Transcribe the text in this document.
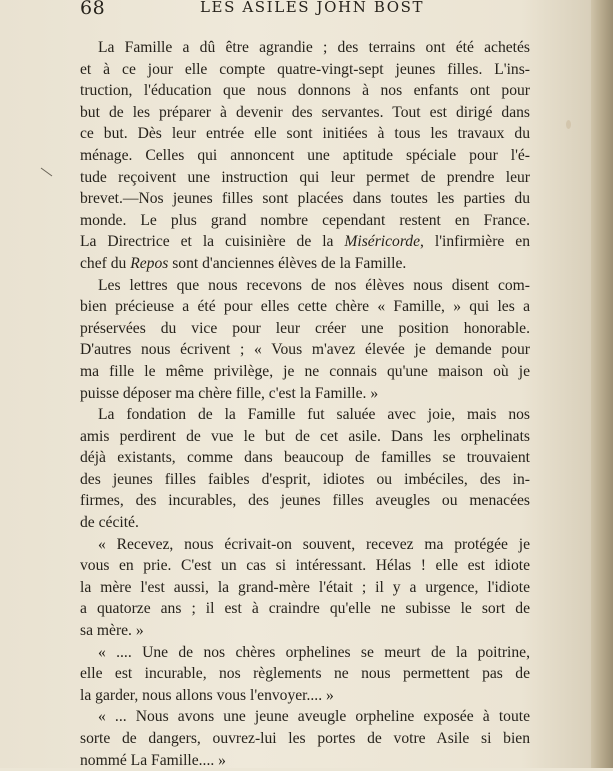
68	LES ASILES JOHN BOST

La Famille a dû être agrandie ; des terrains ont été achetés
et à ce jour elle compte quatre-vingt-sept jeunes filles. L'ins-
truction, l'éducation que nous donnons à nos enfants ont pour
but de les préparer à devenir des servantes. Tout est dirigé dans
ce but. Dès leur entrée elle sont initiées à tous les travaux du
ménage. Celles qui annoncent une aptitude spéciale pour l'é-
tude reçoivent une instruction qui leur permet de prendre leur
brevet.—Nos jeunes filles sont placées dans toutes les parties du
monde. Le plus grand nombre cependant restent en France.
La Directrice et la cuisinière de la Miséricorde, l'infirmière en
chef du Repos sont d'anciennes élèves de la Famille.

Les lettres que nous recevons de nos élèves nous disent com-
bien précieuse a été pour elles cette chère « Famille, » qui les a
préservées du vice pour leur créer une position honorable.
D'autres nous écrivent ; « Vous m'avez élevée je demande pour
ma fille le même privilège, je ne connais qu'une maison où je
puisse déposer ma chère fille, c'est la Famille. »

La fondation de la Famille fut saluée avec joie, mais nos
amis perdirent de vue le but de cet asile. Dans les orphelinats
déjà existants, comme dans beaucoup de familles se trouvaient
des jeunes filles faibles d'esprit, idiotes ou imbéciles, des in-
firmes, des incurables, des jeunes filles aveugles ou menacées
de cécité.

« Recevez, nous écrivait-on souvent, recevez ma protégée je
vous en prie. C'est un cas si intéressant. Hélas ! elle est idiote
la mère l'est aussi, la grand-mère l'était ; il y a urgence, l'idiote
a quatorze ans ; il est à craindre qu'elle ne subisse le sort de
sa mère. »

« .... Une de nos chères orphelines se meurt de la poitrine,
elle est incurable, nos règlements ne nous permettent pas de
la garder, nous allons vous l'envoyer.... »

« ... Nous avons une jeune aveugle orpheline exposée à toute
sorte de dangers, ouvrez-lui les portes de votre Asile si bien
nommé La Famille.... »
